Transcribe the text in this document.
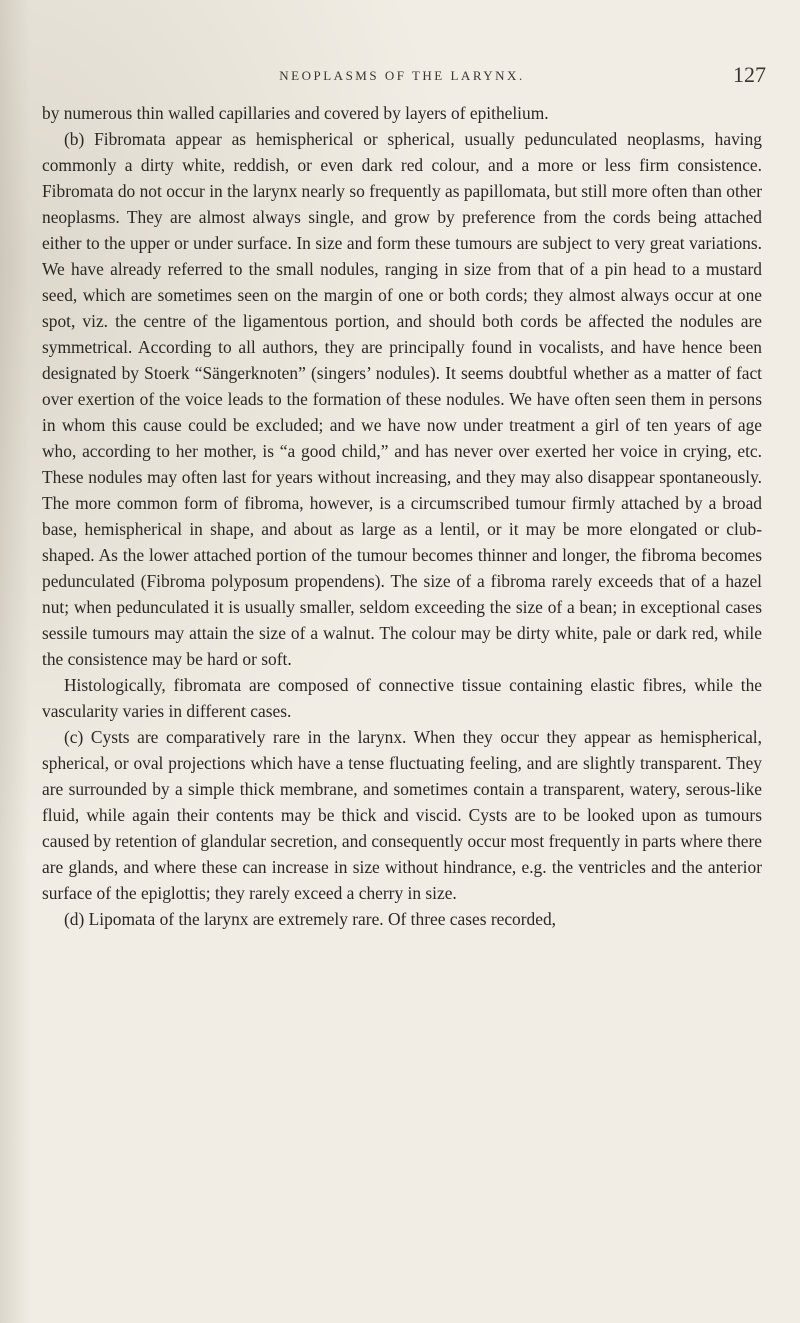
NEOPLASMS OF THE LARYNX.	127

by numerous thin walled capillaries and covered by layers of epithelium.

(b) Fibromata appear as hemispherical or spherical, usually pedunculated neoplasms, having commonly a dirty white, reddish, or even dark red colour, and a more or less firm consistence. Fibromata do not occur in the larynx nearly so frequently as papillomata, but still more often than other neoplasms. They are almost always single, and grow by preference from the cords being attached either to the upper or under surface. In size and form these tumours are subject to very great variations. We have already referred to the small nodules, ranging in size from that of a pin head to a mustard seed, which are sometimes seen on the margin of one or both cords; they almost always occur at one spot, viz. the centre of the ligamentous portion, and should both cords be affected the nodules are symmetrical. According to all authors, they are principally found in vocalists, and have hence been designated by Stoerk “Sängerknoten” (singers’ nodules). It seems doubtful whether as a matter of fact over exertion of the voice leads to the formation of these nodules. We have often seen them in persons in whom this cause could be excluded; and we have now under treatment a girl of ten years of age who, according to her mother, is “a good child,” and has never over exerted her voice in crying, etc. These nodules may often last for years without increasing, and they may also disappear spontaneously. The more common form of fibroma, however, is a circumscribed tumour firmly attached by a broad base, hemispherical in shape, and about as large as a lentil, or it may be more elongated or club-shaped. As the lower attached portion of the tumour becomes thinner and longer, the fibroma becomes pedunculated (Fibroma polyposum propendens). The size of a fibroma rarely exceeds that of a hazel nut; when pedunculated it is usually smaller, seldom exceeding the size of a bean; in exceptional cases sessile tumours may attain the size of a walnut. The colour may be dirty white, pale or dark red, while the consistence may be hard or soft.

Histologically, fibromata are composed of connective tissue containing elastic fibres, while the vascularity varies in different cases.

(c) Cysts are comparatively rare in the larynx. When they occur they appear as hemispherical, spherical, or oval projections which have a tense fluctuating feeling, and are slightly transparent. They are surrounded by a simple thick membrane, and sometimes contain a transparent, watery, serous-like fluid, while again their contents may be thick and viscid. Cysts are to be looked upon as tumours caused by retention of glandular secretion, and consequently occur most frequently in parts where there are glands, and where these can increase in size without hindrance, e.g. the ventricles and the anterior surface of the epiglottis; they rarely exceed a cherry in size.

(d) Lipomata of the larynx are extremely rare. Of three cases recorded,
